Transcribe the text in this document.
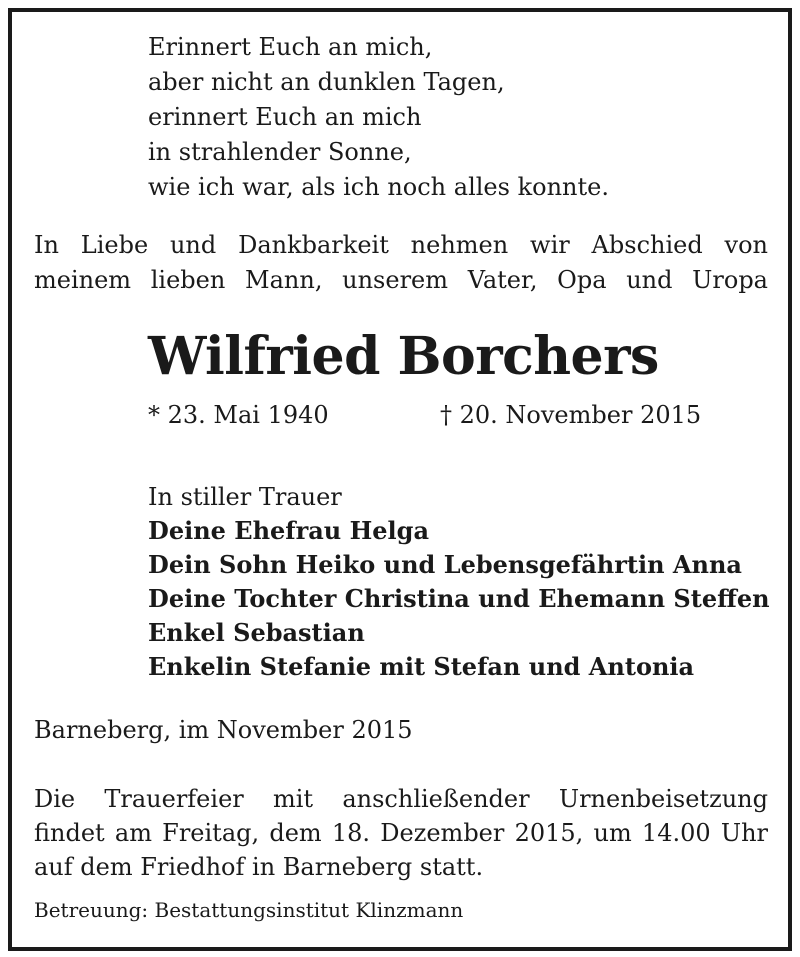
Erinnert Euch an mich,
aber nicht an dunklen Tagen,
erinnert Euch an mich
in strahlender Sonne,
wie ich war, als ich noch alles konnte.
In Liebe und Dankbarkeit nehmen wir Abschied von
meinem lieben Mann, unserem Vater, Opa und Uropa
Wilfried Borchers
* 23. Mai 1940	† 20. November 2015
In stiller Trauer
Deine Ehefrau Helga
Dein Sohn Heiko und Lebensgefährtin Anna
Deine Tochter Christina und Ehemann Steffen
Enkel Sebastian
Enkelin Stefanie mit Stefan und Antonia
Barneberg, im November 2015
Die Trauerfeier mit anschließender Urnenbeisetzung
findet am Freitag, dem 18. Dezember 2015, um 14.00 Uhr
auf dem Friedhof in Barneberg statt.
Betreuung: Bestattungsinstitut Klinzmann
